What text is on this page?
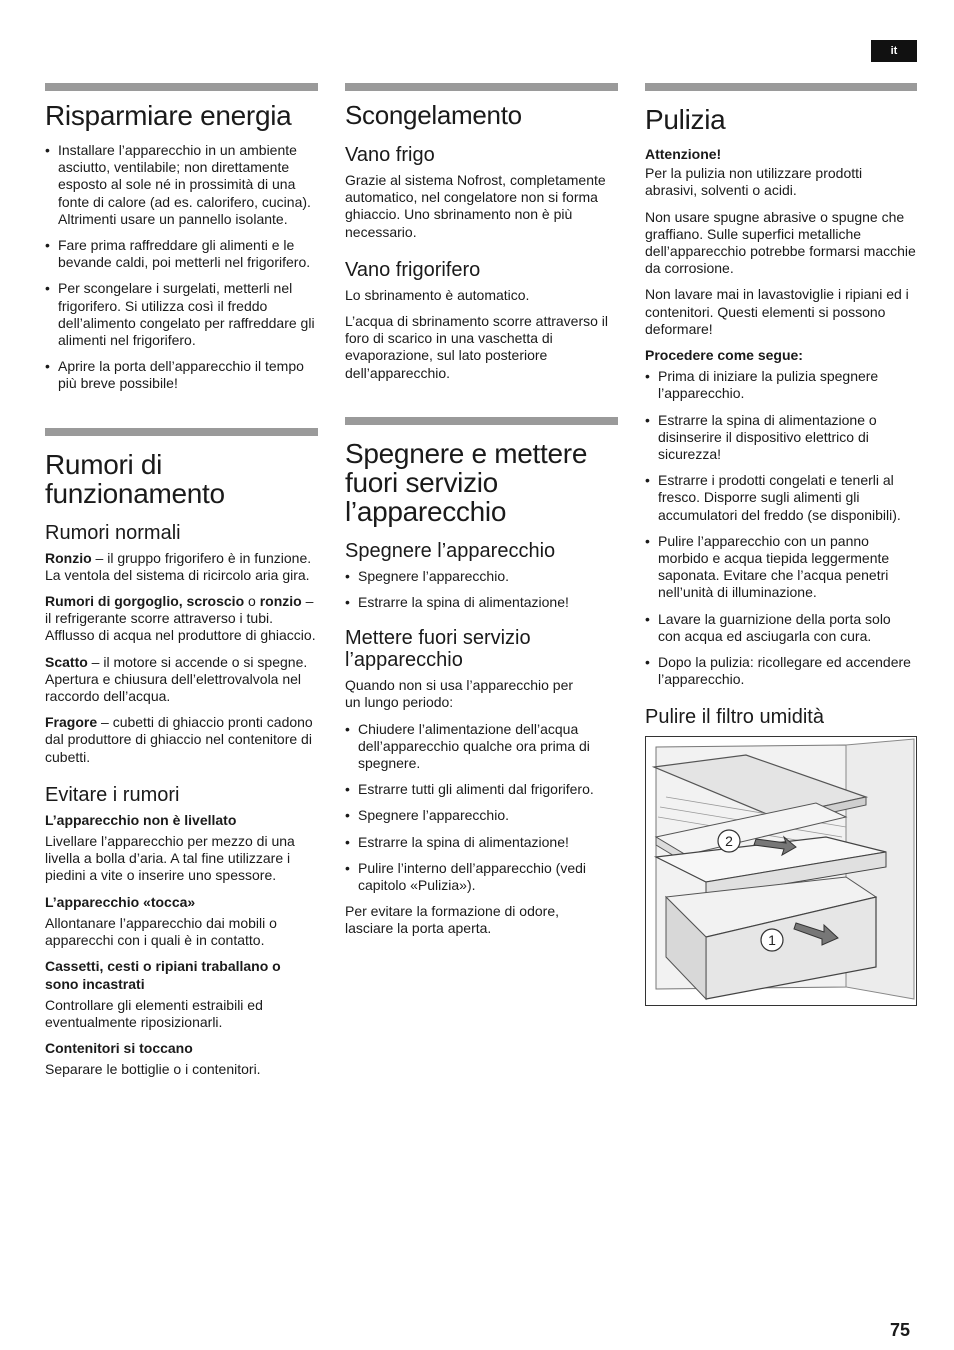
it
Risparmiare energia
• Installare l’apparecchio in un ambiente asciutto, ventilabile; non direttamente esposto al sole né in prossimità di una fonte di calore (ad es. calorifero, cucina). Altrimenti usare un pannello isolante.
• Fare prima raffreddare gli alimenti e le bevande caldi, poi metterli nel frigorifero.
• Per scongelare i surgelati, metterli nel frigorifero. Si utilizza così il freddo dell’alimento congelato per raffreddare gli alimenti nel frigorifero.
• Aprire la porta dell’apparecchio il tempo più breve possibile!
Rumori di funzionamento
Rumori normali

Ronzio – il gruppo frigorifero è in funzione. La ventola del sistema di ricircolo aria gira.

Rumori di gorgoglio, scroscio o ronzio – il refrigerante scorre attraverso i tubi. Afflusso di acqua nel produttore di ghiaccio.

Scatto – il motore si accende o si spegne. Apertura e chiusura dell’elettrovalvola nel raccordo dell’acqua.

Fragore – cubetti di ghiaccio pronti cadono dal produttore di ghiaccio nel contenitore di cubetti.

Evitare i rumori

L’apparecchio non è livellato

Livellare l’apparecchio per mezzo di una livella a bolla d’aria. A tal fine utilizzare i piedini a vite o inserire uno spessore.

L’apparecchio «tocca»

Allontanare l’apparecchio dai mobili o apparecchi con i quali è in contatto.

Cassetti, cesti o ripiani traballano o sono incastrati

Controllare gli elementi estraibili ed eventualmente riposizionarli.

Contenitori si toccano

Separare le bottiglie o i contenitori.

Scongelamento
Vano frigo

Grazie al sistema Nofrost, completamente automatico, nel congelatore non si forma ghiaccio. Uno sbrinamento non è più necessario.

Vano frigorifero

Lo sbrinamento è automatico.

L’acqua di sbrinamento scorre attraverso il foro di scarico in una vaschetta di evaporazione, sul lato posteriore dell’apparecchio.

Spegnere e mettere fuori servizio l’apparecchio
Spegnere l’apparecchio
• Spegnere l’apparecchio.
• Estrarre la spina di alimentazione!
Mettere fuori servizio l’apparecchio

Quando non si usa l’apparecchio per un lungo periodo:

• Chiudere l’alimentazione dell’acqua dell’apparecchio qualche ora prima di spegnere.
• Estrarre tutti gli alimenti dal frigorifero.
• Spegnere l’apparecchio.
• Estrarre la spina di alimentazione!
• Pulire l’interno dell’apparecchio (vedi capitolo «Pulizia»).

Per evitare la formazione di odore, lasciare la porta aperta.

Pulizia

Attenzione!

Per la pulizia non utilizzare prodotti abrasivi, solventi o acidi.

Non usare spugne abrasive o spugne che graffiano. Sulle superfici metalliche dell’apparecchio potrebbe formarsi macchie da corrosione.

Non lavare mai in lavastoviglie i ripiani ed i contenitori. Questi elementi si possono deformare!

Procedere come segue:

• Prima di iniziare la pulizia spegnere l’apparecchio.
• Estrarre la spina di alimentazione o disinserire il dispositivo elettrico di sicurezza!
• Estrarre i prodotti congelati e tenerli al fresco. Disporre sugli alimenti gli accumulatori del freddo (se disponibili).
• Pulire l’apparecchio con un panno morbido e acqua tiepida leggermente saponata. Evitare che l’acqua penetri nell’unità di illuminazione.
• Lavare la guarnizione della porta solo con acqua ed asciugarla con cura.
• Dopo la pulizia: ricollegare ed accendere l’apparecchio.
Pulire il filtro umidità
2
1
75
